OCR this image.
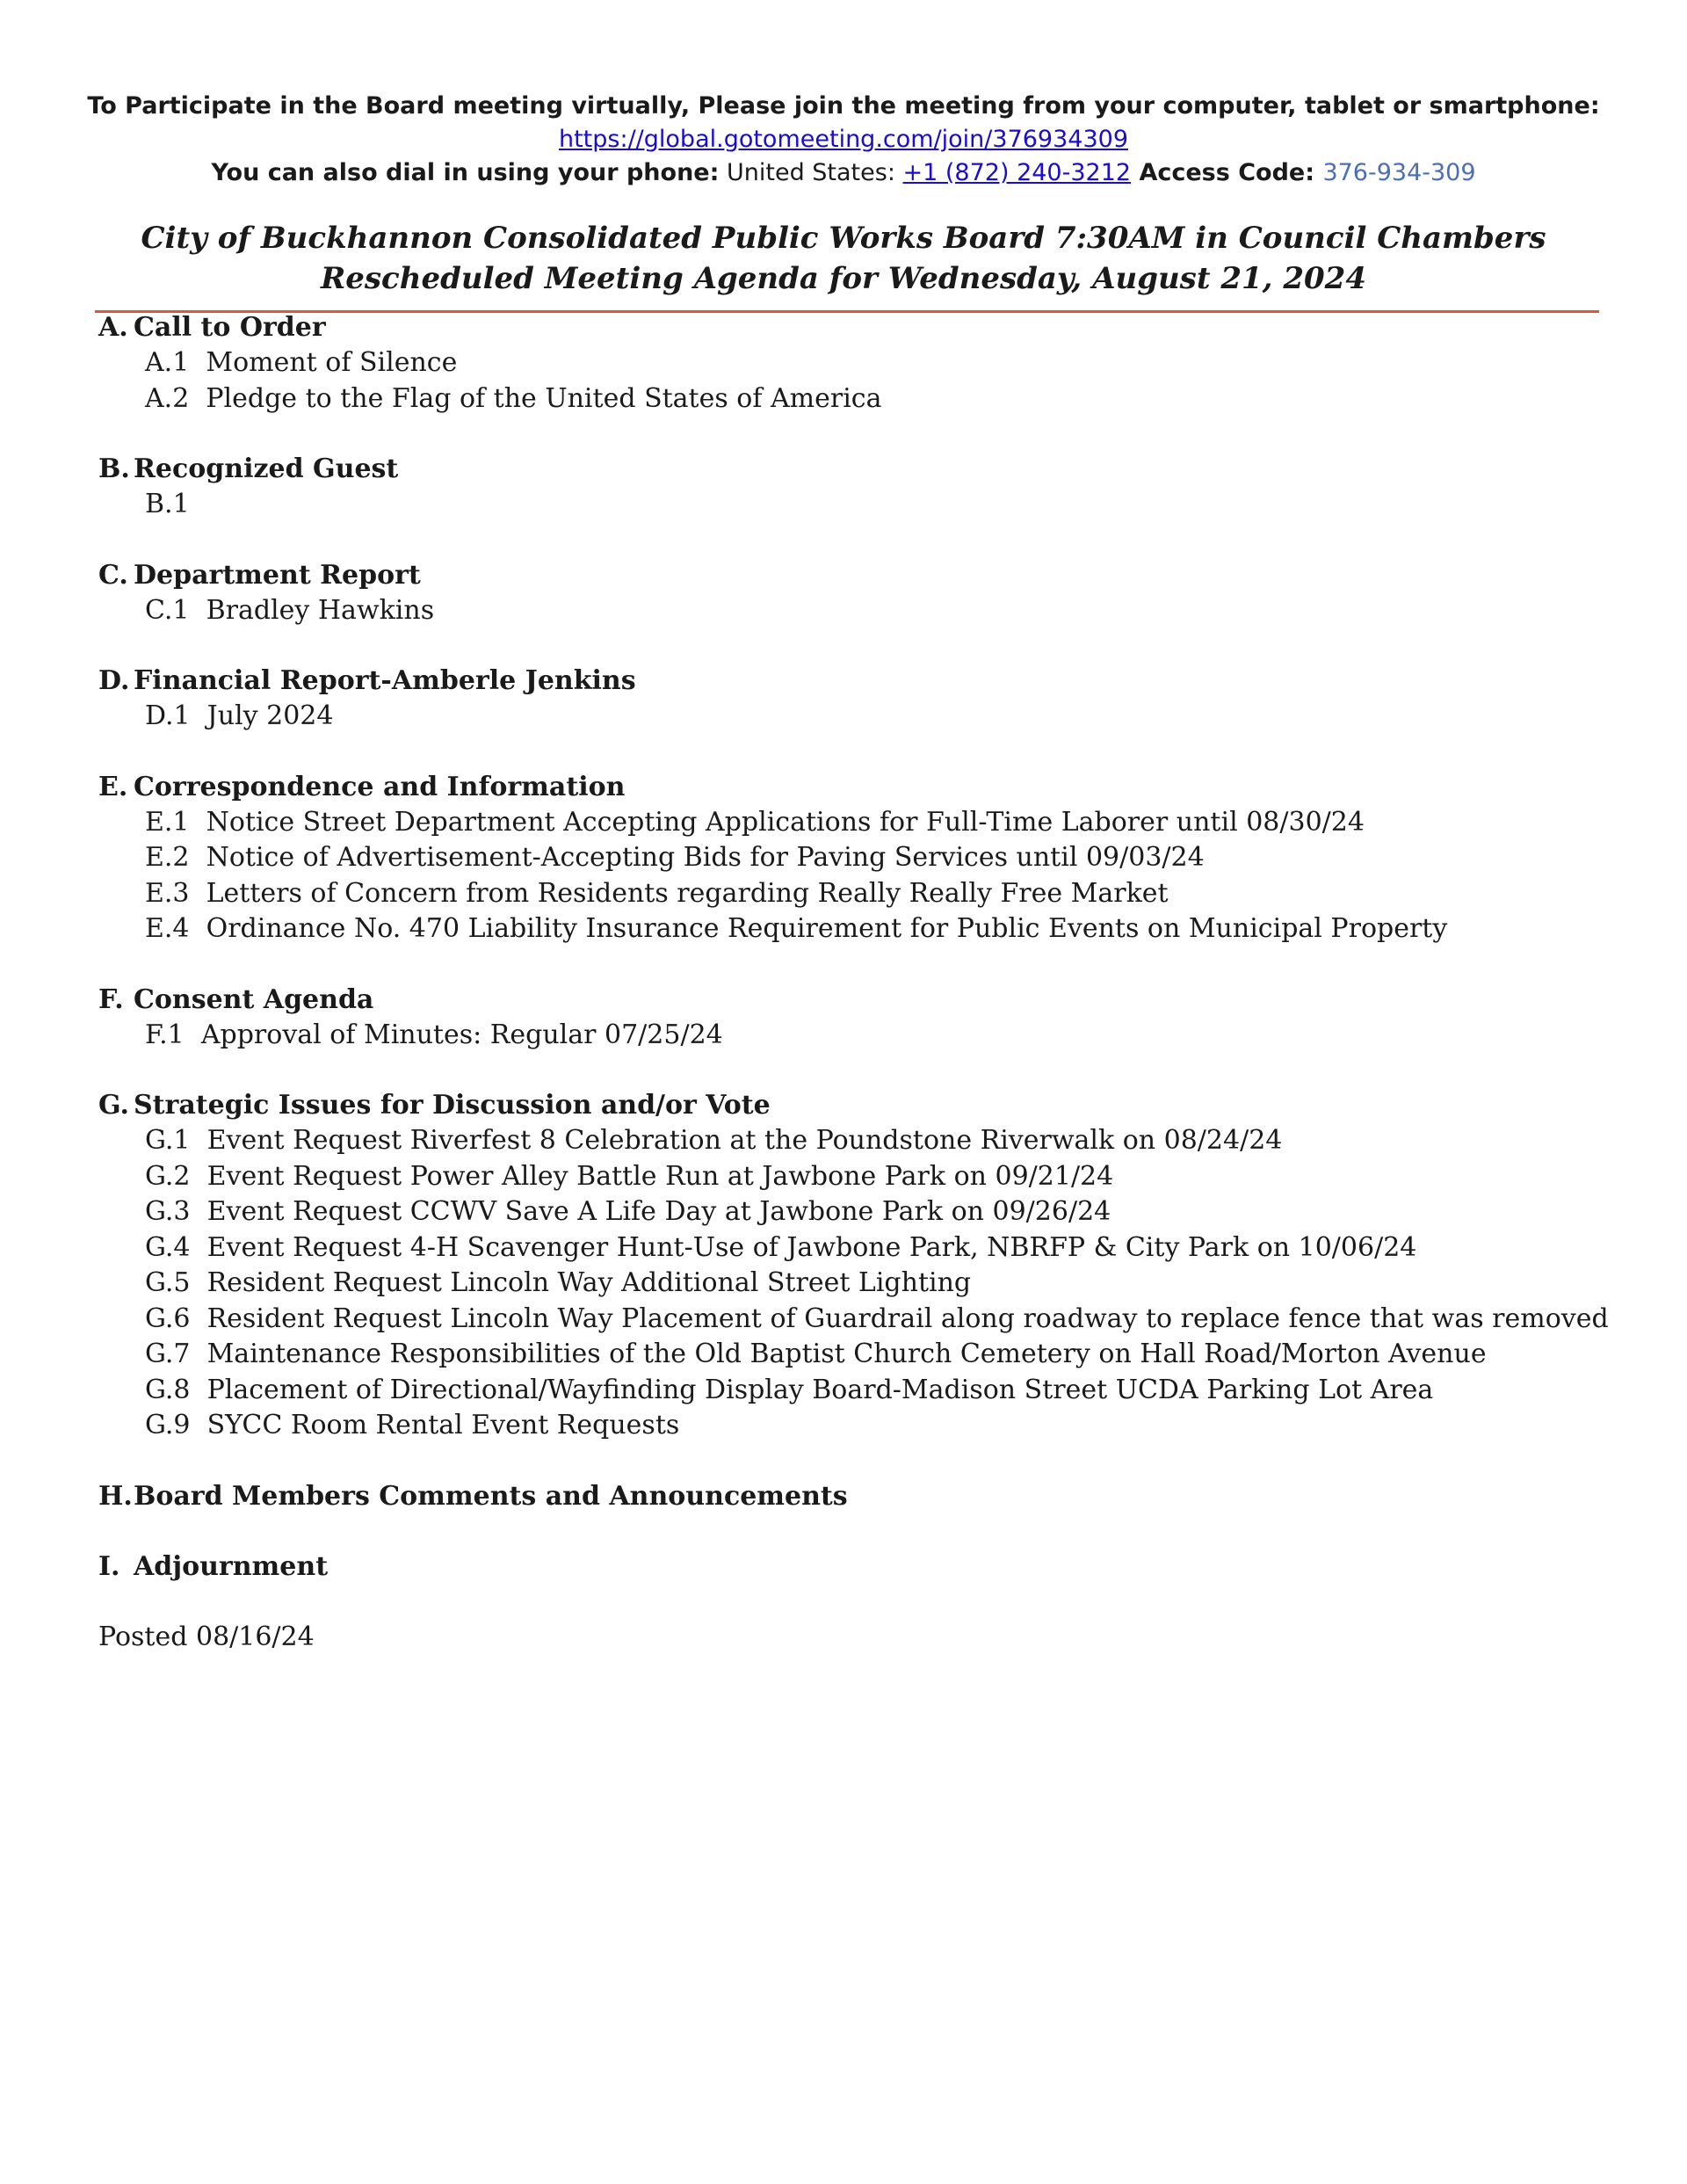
To Participate in the Board meeting virtually, Please join the meeting from your computer, tablet or smartphone:
https://global.gotomeeting.com/join/376934309
You can also dial in using your phone: United States: +1 (872) 240-3212 Access Code: 376-934-309
City of Buckhannon Consolidated Public Works Board 7:30AM in Council Chambers
Rescheduled Meeting Agenda for Wednesday, August 21, 2024
A. Call to Order
A.1  Moment of Silence
A.2  Pledge to the Flag of the United States of America
B. Recognized Guest
B.1
C. Department Report
C.1  Bradley Hawkins
D. Financial Report-Amberle Jenkins
D.1  July 2024
E. Correspondence and Information
E.1  Notice Street Department Accepting Applications for Full-Time Laborer until 08/30/24
E.2  Notice of Advertisement-Accepting Bids for Paving Services until 09/03/24
E.3  Letters of Concern from Residents regarding Really Really Free Market
E.4  Ordinance No. 470 Liability Insurance Requirement for Public Events on Municipal Property
F. Consent Agenda
F.1  Approval of Minutes: Regular 07/25/24
G. Strategic Issues for Discussion and/or Vote
G.1  Event Request Riverfest 8 Celebration at the Poundstone Riverwalk on 08/24/24
G.2  Event Request Power Alley Battle Run at Jawbone Park on 09/21/24
G.3  Event Request CCWV Save A Life Day at Jawbone Park on 09/26/24
G.4  Event Request 4-H Scavenger Hunt-Use of Jawbone Park, NBRFP & City Park on 10/06/24
G.5  Resident Request Lincoln Way Additional Street Lighting
G.6  Resident Request Lincoln Way Placement of Guardrail along roadway to replace fence that was removed
G.7  Maintenance Responsibilities of the Old Baptist Church Cemetery on Hall Road/Morton Avenue
G.8  Placement of Directional/Wayfinding Display Board-Madison Street UCDA Parking Lot Area
G.9  SYCC Room Rental Event Requests
H.Board Members Comments and Announcements
I. Adjournment
Posted 08/16/24
